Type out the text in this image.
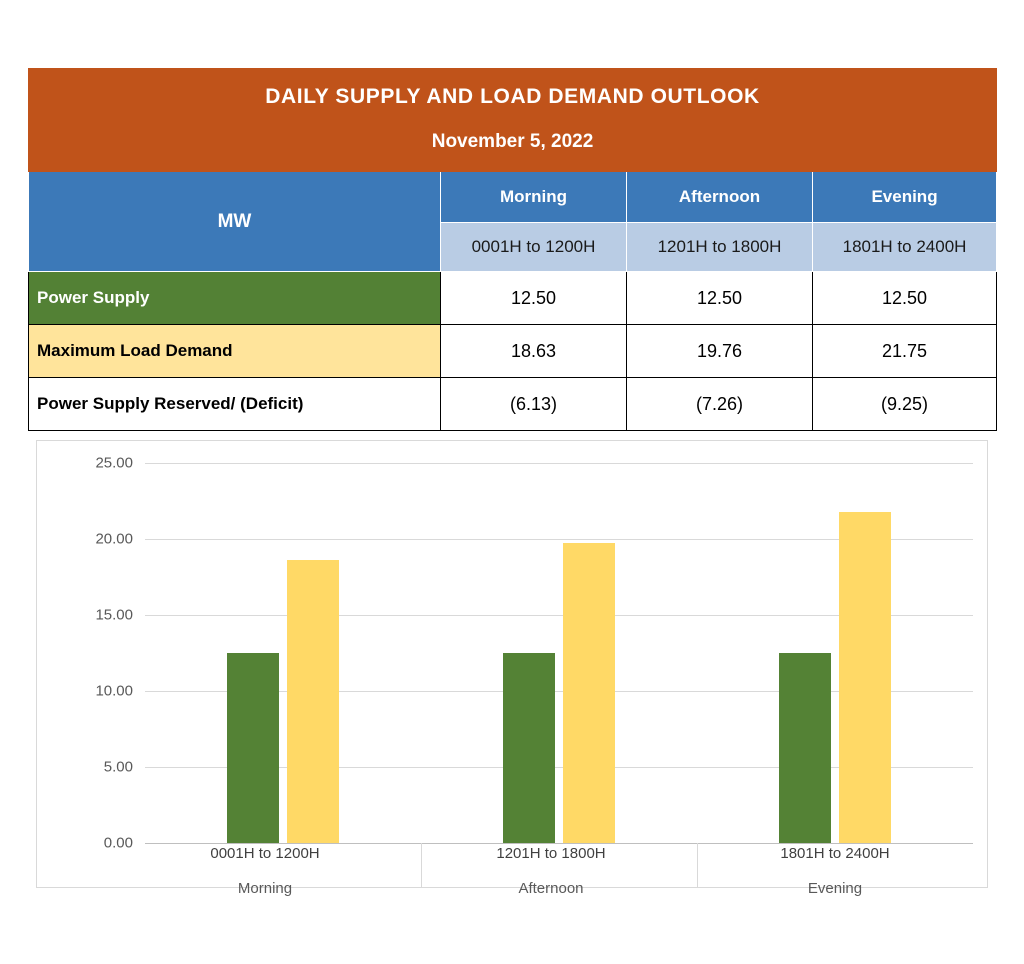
DAILY SUPPLY AND LOAD DEMAND OUTLOOK
November 5, 2022			

MW	Morning	Afternoon	Evening
	0001H to 1200H	1201H to 1800H	1801H to 2400H
Power Supply	12.50	12.50	12.50
Maximum Load Demand	18.63	19.76	21.75
Power Supply Reserved/ (Deficit)	(6.13)	(7.26)	(9.25)
0.00
5.00
10.00
15.00
20.00
25.00
0001H to 1200H
Morning
1201H to 1800H
Afternoon
1801H to 2400H
Evening
